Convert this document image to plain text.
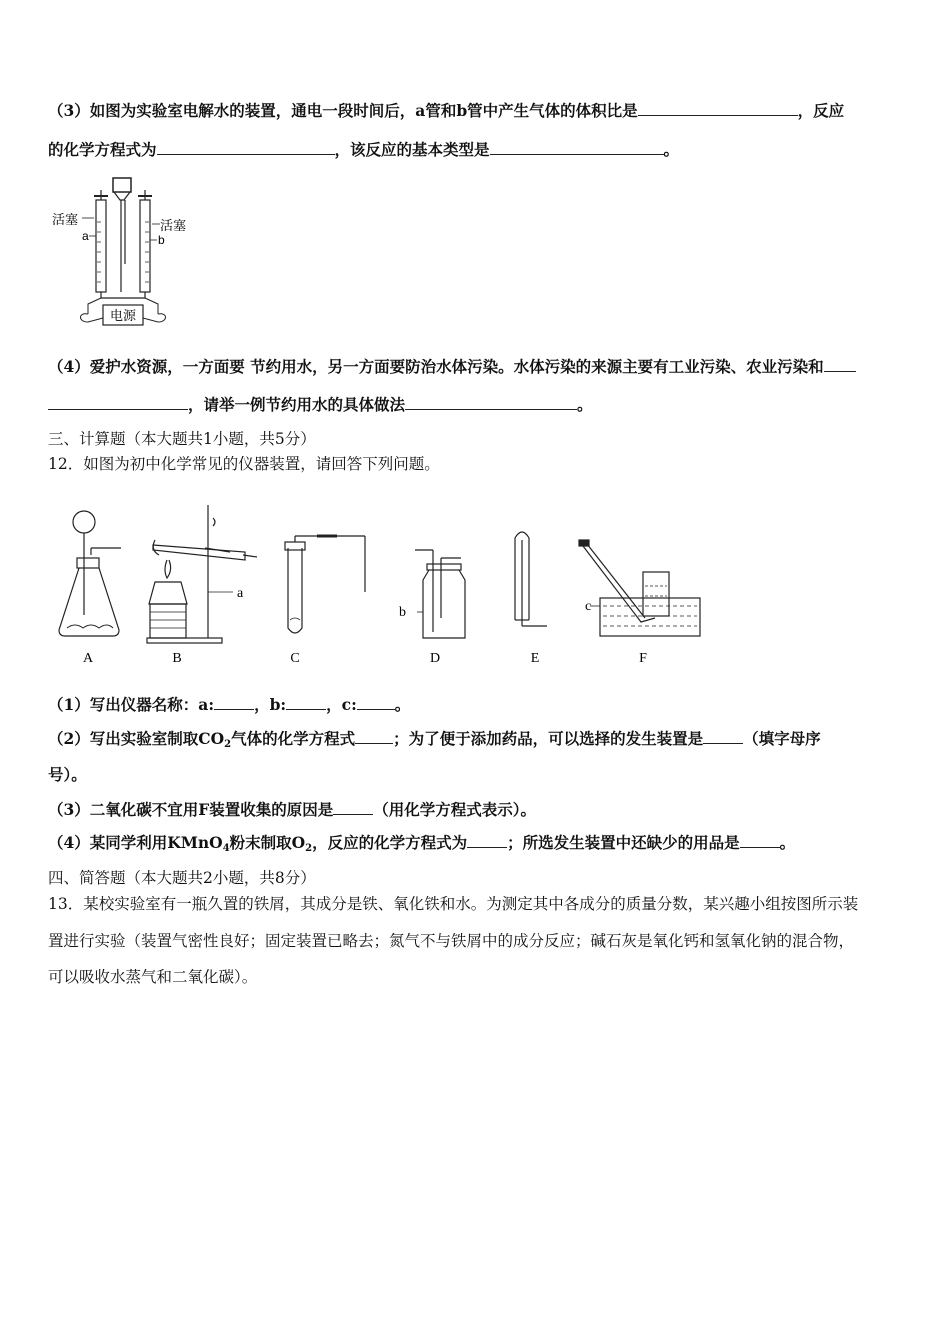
（3）如图为实验室电解水的装置，通电一段时间后，a管和b管中产生气体的体积比是	，反应
的化学方程式为	，该反应的基本类型是	。
电源
活塞	活塞
a	b
（4）爱护水资源，一方面要 节约用水，另一方面要防治水体污染。水体污染的来源主要有工业污染、农业污染和
，请举一例节约用水的具体做法	。
三、计算题（本大题共1小题，共5分）
12．如图为初中化学常见的仪器装置，请回答下列问题。
A
a
B	C
b
D	E
c
F
（1）写出仪器名称：a:	，b:	，c: 。
（2）写出实验室制取$CO_2$气体的化学方程式 ；为了便于添加药品，可以选择的发生装置是	（填字母序
号）。
（3）二氧化碳不宜用F装置收集的原因是	（用化学方程式表示）。
（4）某同学利用KMnO$_4$粉末制取$O_2$，反应的化学方程式为	；所选发生装置中还缺少的用品是	。
四、简答题（本大题共2小题，共8分）
13．某校实验室有一瓶久置的铁屑，其成分是铁、氧化铁和水。为测定其中各成分的质量分数，某兴趣小组按图所示装
置进行实验（装置气密性良好；固定装置已略去；氮气不与铁屑中的成分反应；碱石灰是氧化钙和氢氧化钠的混合物，
可以吸收水蒸气和二氧化碳）。
